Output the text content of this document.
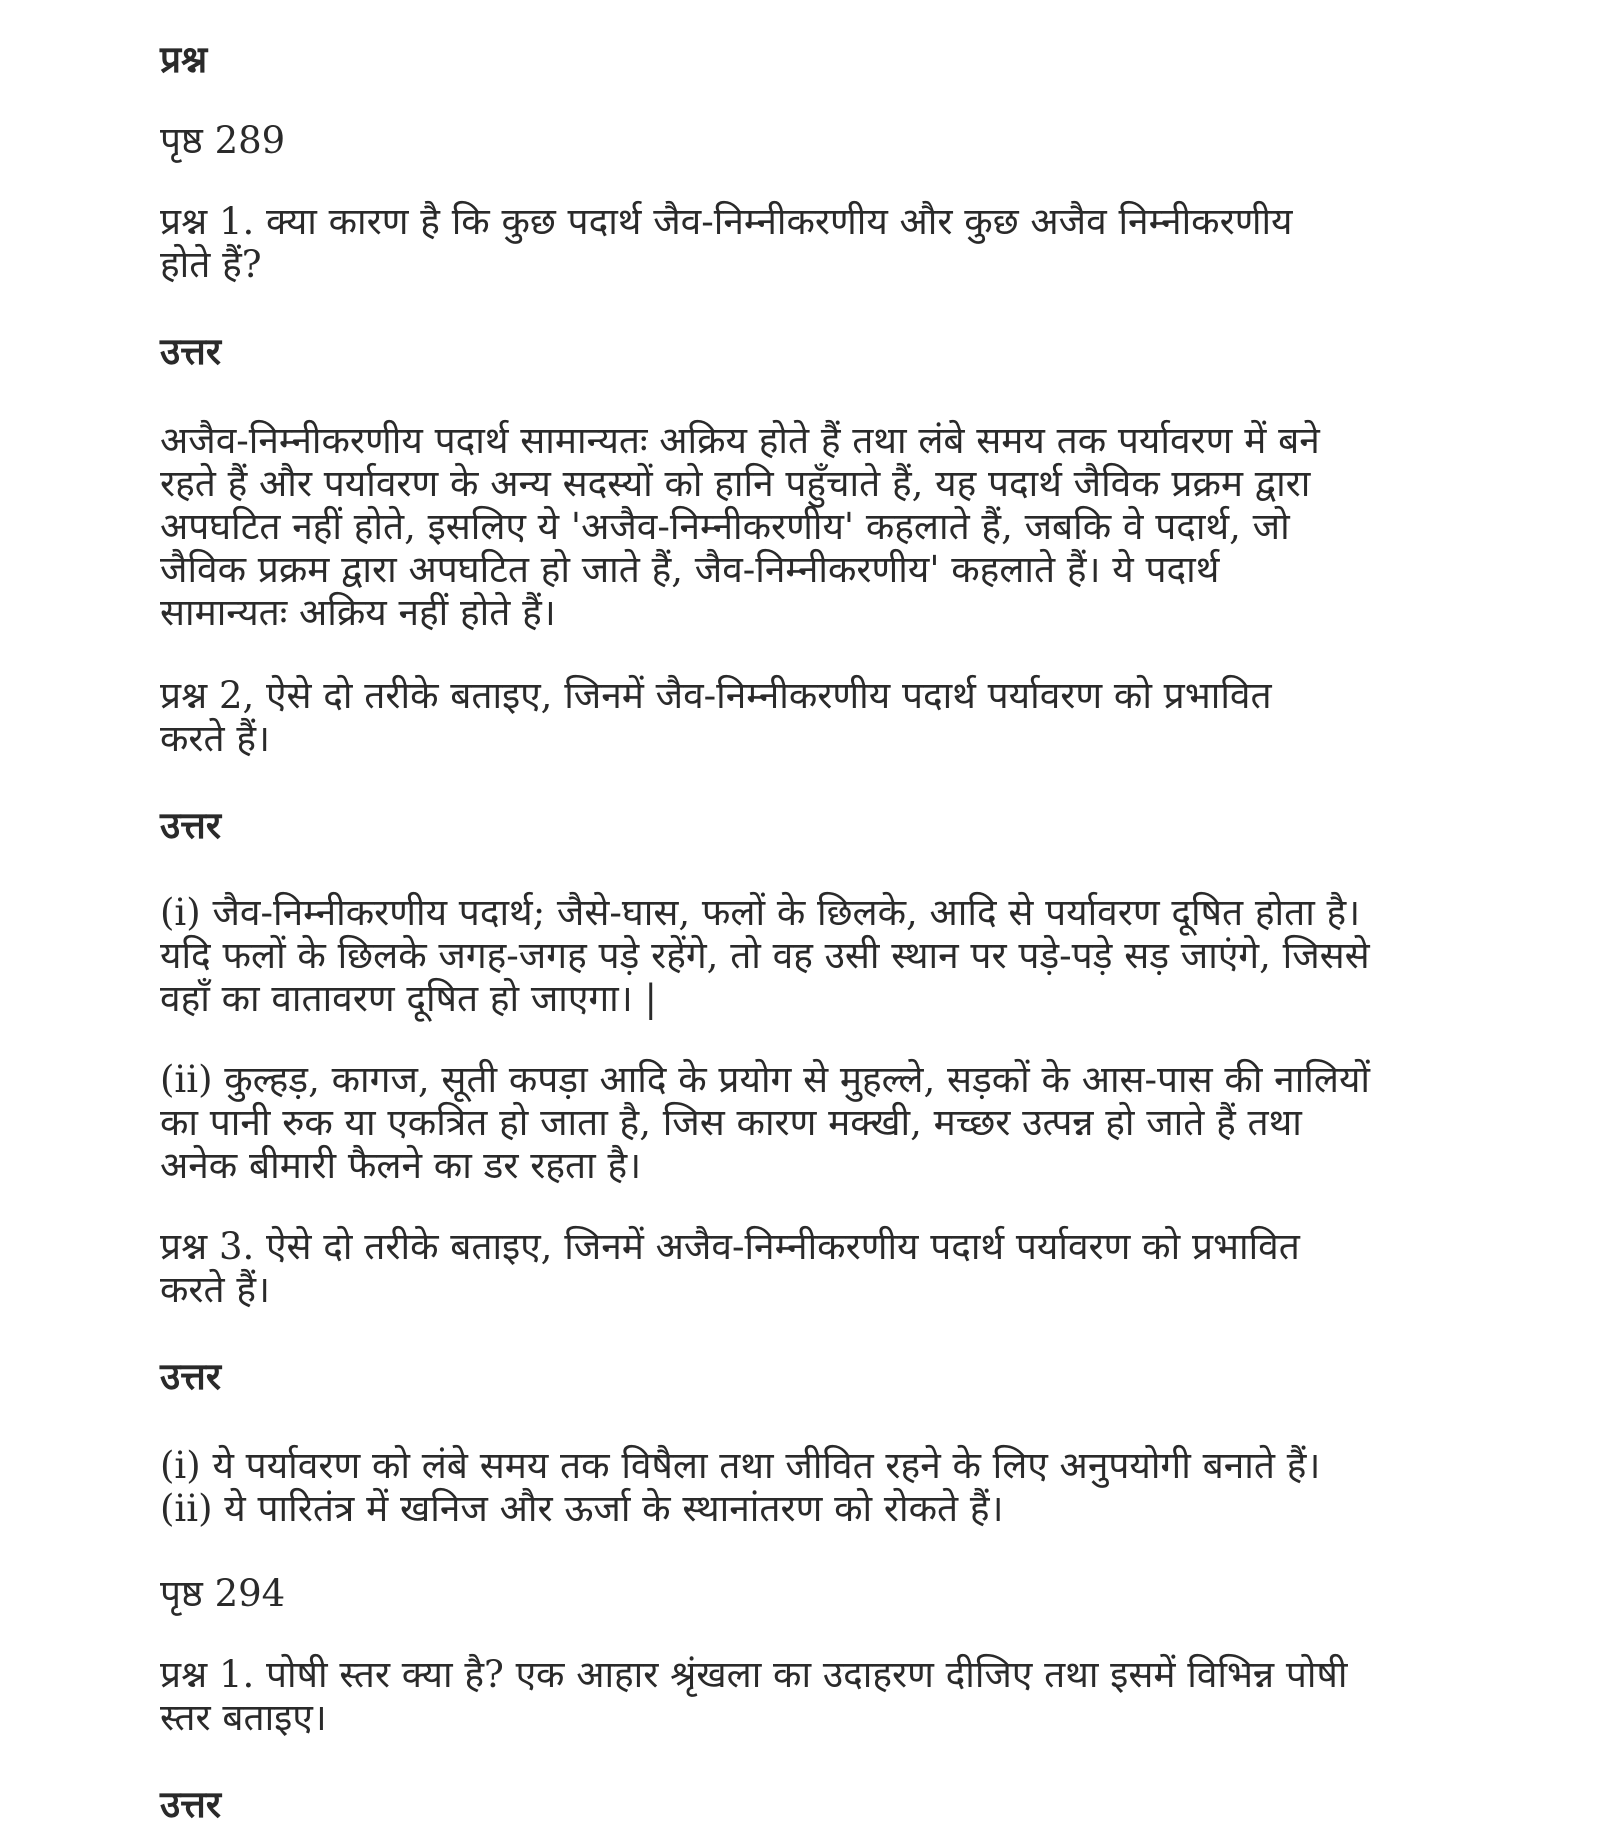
प्रश्न

पृष्ठ 289

प्रश्न 1. क्या कारण है कि कुछ पदार्थ जैव-निम्नीकरणीय और कुछ अजैव निम्नीकरणीय
होते हैं?

उत्तर

अजैव-निम्नीकरणीय पदार्थ सामान्यतः अक्रिय होते हैं तथा लंबे समय तक पर्यावरण में बने
रहते हैं और पर्यावरण के अन्य सदस्यों को हानि पहुँचाते हैं, यह पदार्थ जैविक प्रक्रम द्वारा
अपघटित नहीं होते, इसलिए ये 'अजैव-निम्नीकरणीय' कहलाते हैं, जबकि वे पदार्थ, जो
जैविक प्रक्रम द्वारा अपघटित हो जाते हैं, जैव-निम्नीकरणीय' कहलाते हैं। ये पदार्थ
सामान्यतः अक्रिय नहीं होते हैं।

प्रश्न 2, ऐसे दो तरीके बताइए, जिनमें जैव-निम्नीकरणीय पदार्थ पर्यावरण को प्रभावित
करते हैं।

उत्तर

(i) जैव-निम्नीकरणीय पदार्थ; जैसे-घास, फलों के छिलके, आदि से पर्यावरण दूषित होता है।
यदि फलों के छिलके जगह-जगह पड़े रहेंगे, तो वह उसी स्थान पर पड़े-पड़े सड़ जाएंगे, जिससे
वहाँ का वातावरण दूषित हो जाएगा। |

(ii) कुल्हड़, कागज, सूती कपड़ा आदि के प्रयोग से मुहल्ले, सड़कों के आस-पास की नालियों
का पानी रुक या एकत्रित हो जाता है, जिस कारण मक्खी, मच्छर उत्पन्न हो जाते हैं तथा
अनेक बीमारी फैलने का डर रहता है।

प्रश्न 3. ऐसे दो तरीके बताइए, जिनमें अजैव-निम्नीकरणीय पदार्थ पर्यावरण को प्रभावित
करते हैं।

उत्तर

(i) ये पर्यावरण को लंबे समय तक विषैला तथा जीवित रहने के लिए अनुपयोगी बनाते हैं।
(ii) ये पारितंत्र में खनिज और ऊर्जा के स्थानांतरण को रोकते हैं।

पृष्ठ 294

प्रश्न 1. पोषी स्तर क्या है? एक आहार श्रृंखला का उदाहरण दीजिए तथा इसमें विभिन्न पोषी
स्तर बताइए।

उत्तर
